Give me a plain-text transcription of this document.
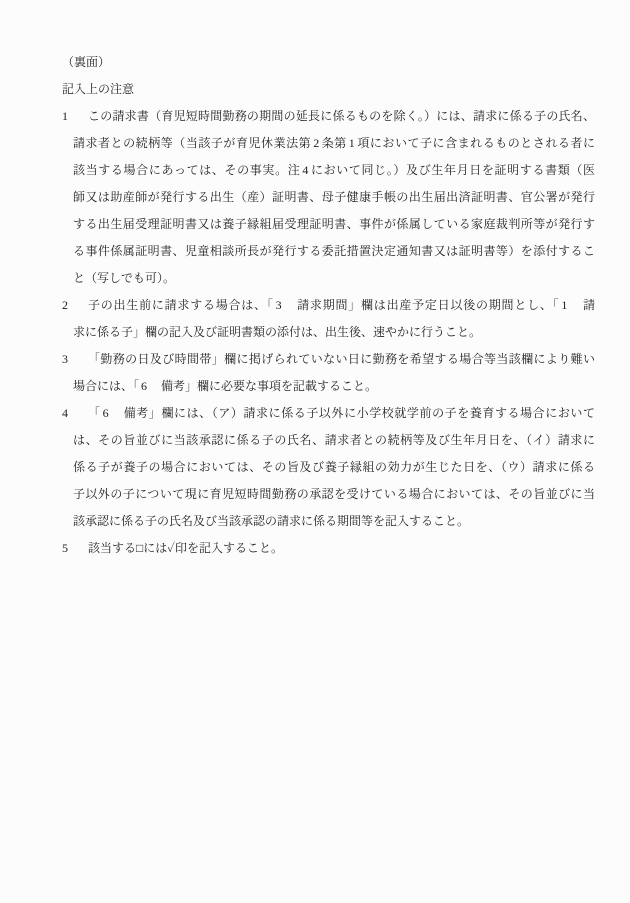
（裏面）
記入上の注意
1	この請求書（育児短時間勤務の期間の延長に係るものを除く。）には、請求に係る子の氏名、
請求者との続柄等（当該子が育児休業法第 2 条第 1 項において子に含まれるものとされる者に
該当する場合にあっては、その事実。注 4 において同じ。）及び生年月日を証明する書類（医
師又は助産師が発行する出生（産）証明書、母子健康手帳の出生届出済証明書、官公署が発行
する出生届受理証明書又は養子縁組届受理証明書、事件が係属している家庭裁判所等が発行す
る事件係属証明書、児童相談所長が発行する委託措置決定通知書又は証明書等）を添付するこ
と（写しでも可）。
2	子の出生前に請求する場合は、「 3　請求期間」欄は出産予定日以後の期間とし、「 1　請
求に係る子」欄の記入及び証明書類の添付は、出生後、速やかに行うこと。
3	「勤務の日及び時間帯」欄に掲げられていない日に勤務を希望する場合等当該欄により難い
場合には、「 6　備考」欄に必要な事項を記載すること。
4	「 6　備考」欄には、（ア）請求に係る子以外に小学校就学前の子を養育する場合において
は、その旨並びに当該承認に係る子の氏名、請求者との続柄等及び生年月日を、（イ）請求に
係る子が養子の場合においては、その旨及び養子縁組の効力が生じた日を、（ウ）請求に係る
子以外の子について現に育児短時間勤務の承認を受けている場合においては、その旨並びに当
該承認に係る子の氏名及び当該承認の請求に係る期間等を記入すること。
5	該当する□には✓印を記入すること。
